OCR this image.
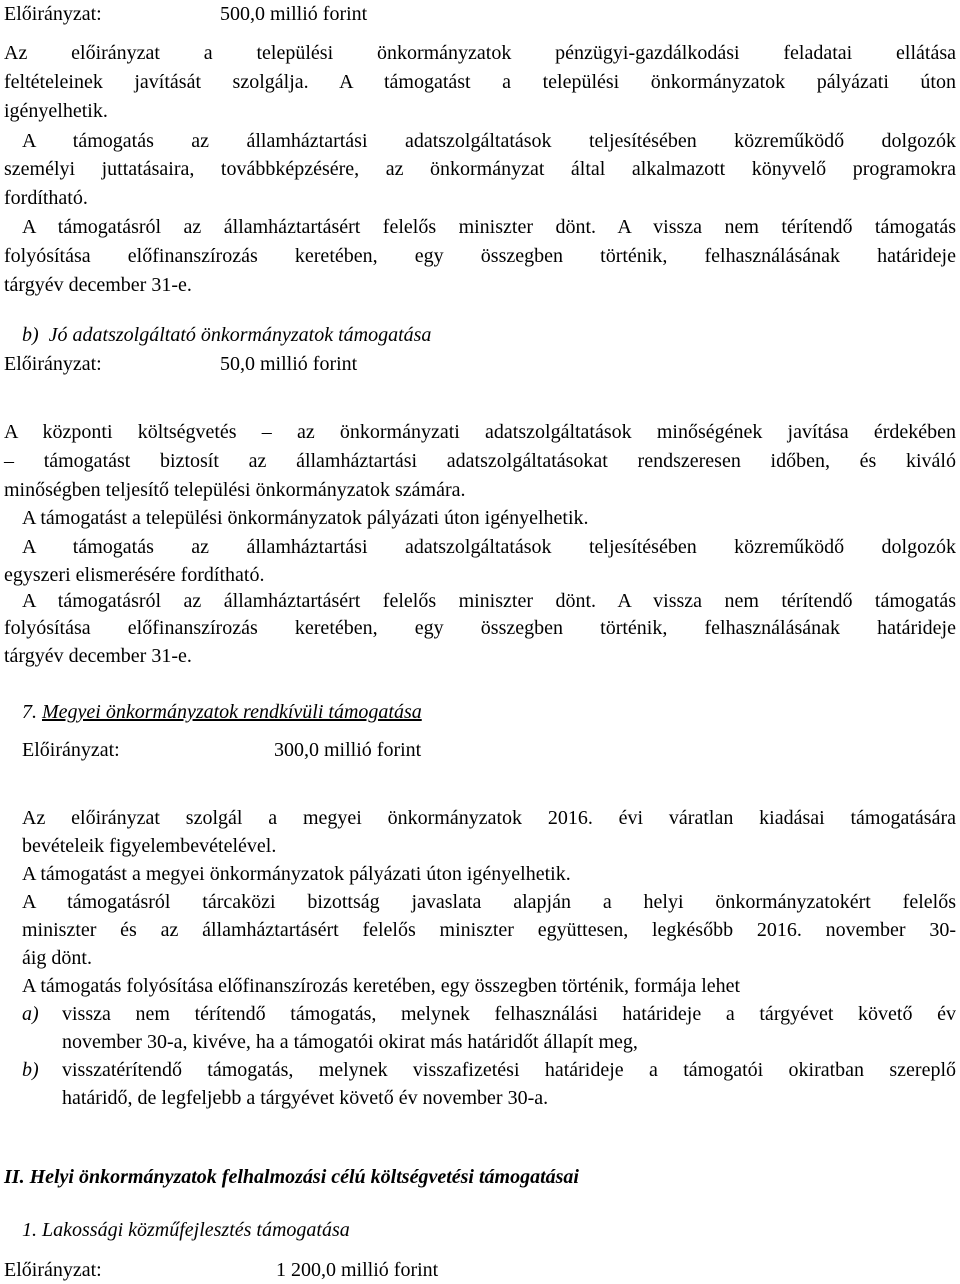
Előirányzat:	500,0 millió forint
Az előirányzat a települési önkormányzatok pénzügyi-gazdálkodási feladatai ellátása
feltételeinek javítását szolgálja. A támogatást a települési önkormányzatok pályázati úton
igényelhetik.
A támogatás az államháztartási adatszolgáltatások teljesítésében közreműködő dolgozók
személyi juttatásaira, továbbképzésére, az önkormányzat által alkalmazott könyvelő programokra
fordítható.
A támogatásról az államháztartásért felelős miniszter dönt. A vissza nem térítendő támogatás
folyósítása előfinanszírozás keretében, egy összegben történik, felhasználásának határideje
tárgyév december 31-e.
b)  Jó adatszolgáltató önkormányzatok támogatása
Előirányzat:	50,0 millió forint
A központi költségvetés – az önkormányzati adatszolgáltatások minőségének javítása érdekében
– támogatást biztosít az államháztartási adatszolgáltatásokat rendszeresen időben, és kiváló
minőségben teljesítő települési önkormányzatok számára.
A támogatást a települési önkormányzatok pályázati úton igényelhetik.
A támogatás az államháztartási adatszolgáltatások teljesítésében közreműködő dolgozók
egyszeri elismerésére fordítható.
A támogatásról az államháztartásért felelős miniszter dönt. A vissza nem térítendő támogatás
folyósítása előfinanszírozás keretében, egy összegben történik, felhasználásának határideje
tárgyév december 31-e.
7. Megyei önkormányzatok rendkívüli támogatása
Előirányzat:	300,0 millió forint
Az előirányzat szolgál a megyei önkormányzatok 2016. évi váratlan kiadásai támogatására
bevételeik figyelembevételével.
A támogatást a megyei önkormányzatok pályázati úton igényelhetik.
A támogatásról tárcaközi bizottság javaslata alapján a helyi önkormányzatokért felelős
miniszter és az államháztartásért felelős miniszter együttesen, legkésőbb 2016. november 30-
áig dönt.
A támogatás folyósítása előfinanszírozás keretében, egy összegben történik, formája lehet
a) vissza nem térítendő támogatás, melynek felhasználási határideje a tárgyévet követő év
november 30-a, kivéve, ha a támogatói okirat más határidőt állapít meg,
b) visszatérítendő támogatás, melynek visszafizetési határideje a támogatói okiratban szereplő
határidő, de legfeljebb a tárgyévet követő év november 30-a.
II. Helyi önkormányzatok felhalmozási célú költségvetési támogatásai
1. Lakossági közműfejlesztés támogatása
Előirányzat:	1 200,0 millió forint
